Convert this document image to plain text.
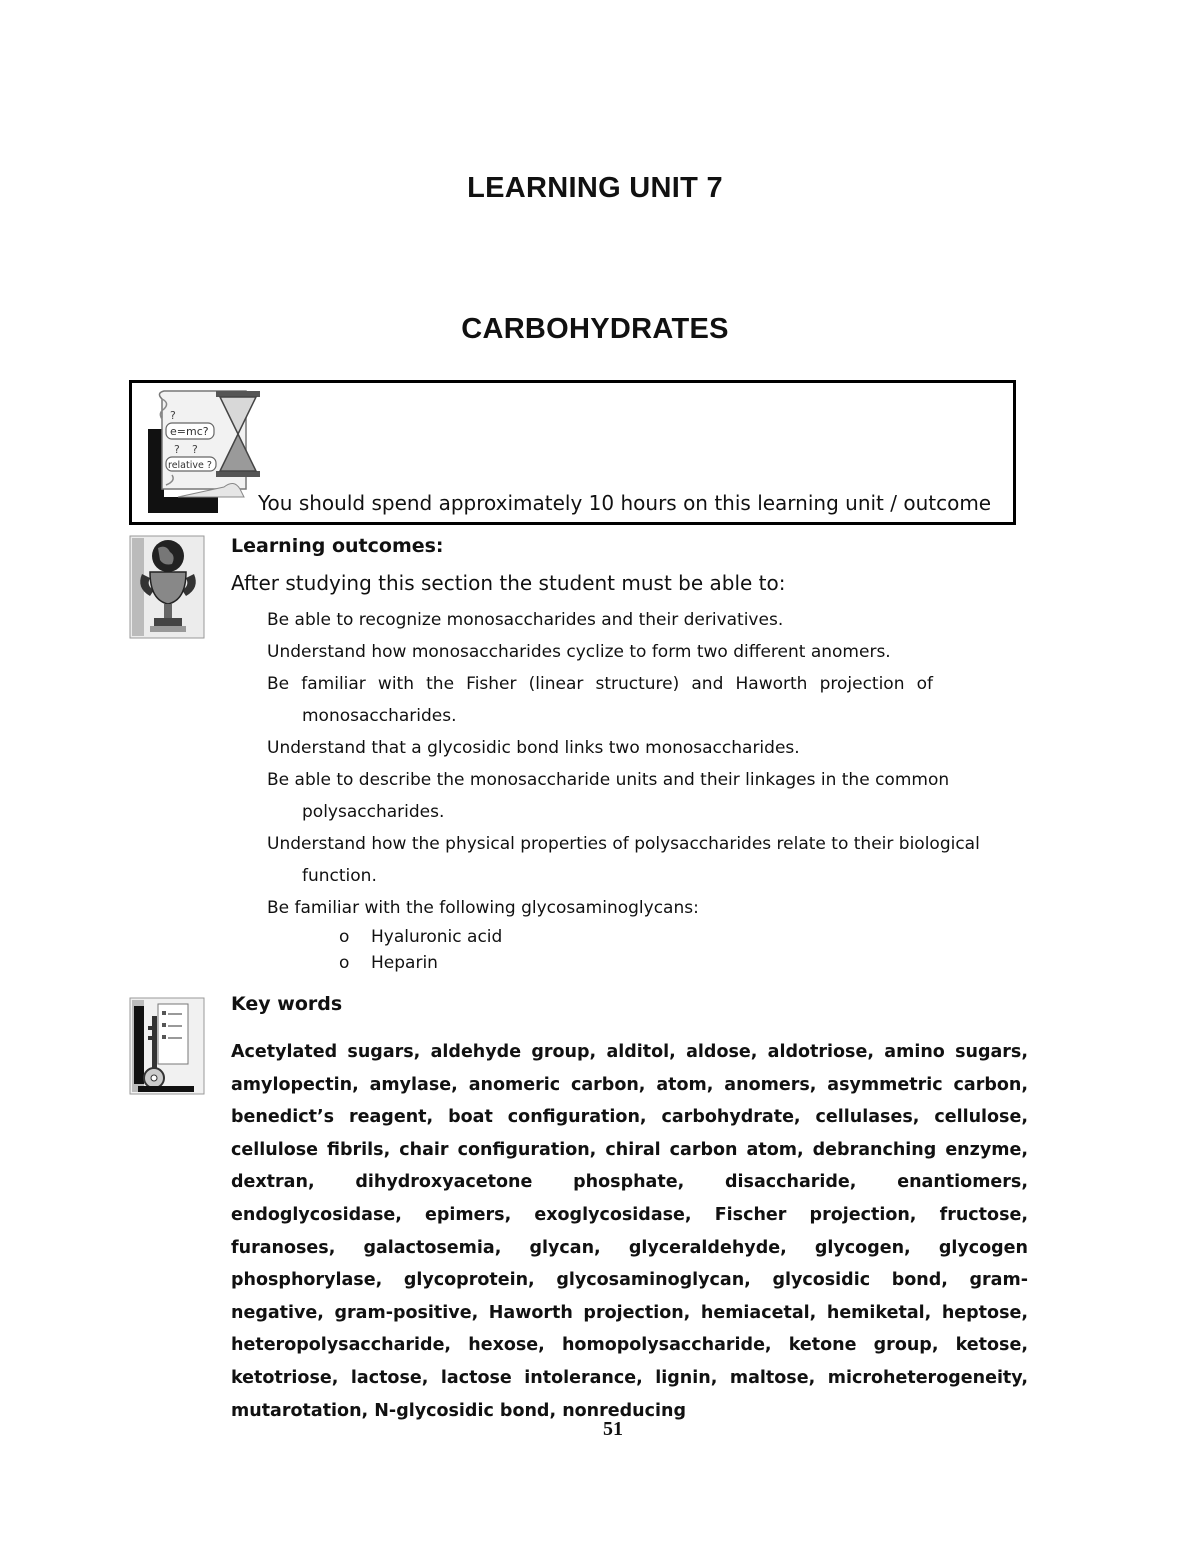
LEARNING UNIT 7
CARBOHYDRATES
e=mc?
?
? ?
relative ?
You should spend approximately 10 hours on this learning unit / outcome
Learning outcomes:
After studying this section the student must be able to:

Be able to recognize monosaccharides and their derivatives.

Understand how monosaccharides cyclize to form two different anomers.

Be familiar with the Fisher (linear structure) and Haworth projection of
monosaccharides.

Understand that a glycosidic bond links two monosaccharides.

Be able to describe the monosaccharide units and their linkages in the common
polysaccharides.

Understand how the physical properties of polysaccharides relate to their biological
function.

Be familiar with the following glycosaminoglycans:

o Hyaluronic acid
o Heparin
Key words
Acetylated sugars, aldehyde group, alditol, aldose, aldotriose, amino sugars, amylopectin, amylase, anomeric carbon, atom, anomers, asymmetric carbon, benedict’s reagent, boat configuration, carbohydrate, cellulases, cellulose, cellulose fibrils, chair configuration, chiral carbon atom, debranching enzyme, dextran, dihydroxyacetone phosphate, disaccharide, enantiomers, endoglycosidase, epimers, exoglycosidase, Fischer projection, fructose, furanoses, galactosemia, glycan, glyceraldehyde, glycogen, glycogen phosphorylase, glycoprotein, glycosaminoglycan, glycosidic bond, gram-negative, gram-positive, Haworth projection, hemiacetal, hemiketal, heptose, heteropolysaccharide, hexose, homopolysaccharide, ketone group, ketose, ketotriose, lactose, lactose intolerance, lignin, maltose, microheterogeneity, mutarotation, N-glycosidic bond, nonreducing
51
